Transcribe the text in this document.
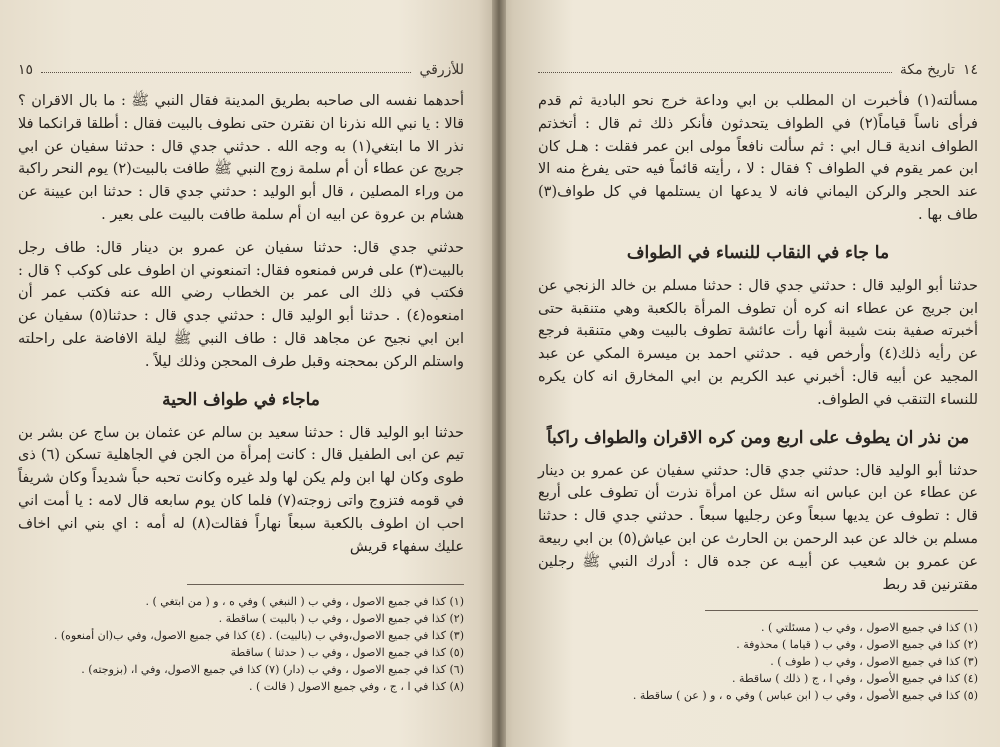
للأزرقي
١٥

أحدهما نفسه الى صاحبه بطريق المدينة فقال النبي ﷺ : ما بال الاقران ؟ قالا : يا نبي الله نذرنا ان نقترن حتى نطوف بالبيت فقال : أطلقا قرانكما فلا نذر الا ما ابتغي(١) به وجه الله . حدثني جدي قال : حدثنا سفيان عن ابي جريج عن عطاء أن أم سلمة زوج النبي ﷺ طافت بالبيت(٢) يوم النحر راكبة من وراء المصلين ، قال أبو الوليد : حدثني جدي قال : حدثنا ابن عيينة عن هشام بن عروة عن ابيه ان أم سلمة طافت بالبيت على بعير .

حدثني جدي قال: حدثنا سفيان عن عمرو بن دينار قال: طاف رجل بالبيت(٣) على فرس فمنعوه فقال: اتمنعوني ان اطوف على كوكب ؟ قال : فكتب في ذلك الى عمر بن الخطاب رضي الله عنه فكتب عمر أن امنعوه(٤) . حدثنا أبو الوليد قال : حدثني جدي قال : حدثنا(٥) سفيان عن ابن ابي نجيح عن مجاهد قال : طاف النبي ﷺ ليلة الافاضة على راحلته واستلم الركن بمحجنه وقبل طرف المحجن وذلك ليلاً .

ماجاء في طواف الحية

حدثنا ابو الوليد قال : حدثنا سعيد بن سالم عن عثمان بن ساج عن بشر بن تيم عن ابى الطفيل قال : كانت إمرأة من الجن في الجاهلية تسكن (٦) ذى طوى وكان لها ابن ولم يكن لها ولد غيره وكانت تحبه حباً شديداً وكان شريفاً في قومه فتزوج واتى زوجته(٧) فلما كان يوم سابعه قال لامه : يا أمت اني احب ان اطوف بالكعبة سبعاً نهاراً فقالت(٨) له أمه : اي بني اني اخاف عليك سفهاء قريش

(١) كذا في جميع الاصول ، وفي ب ( النبغي ) وفي ه ، و ( من ابتغي ) .
(٢) كذا في جميع الاصول ، وفي ب ( بالبيت ) ساقطة .
(٣) كذا في جميع الاصول،وفي ب (بالبيت) . (٤) كذا في جميع الاصول، وفي ب(ان أمنعوه) .
(٥) كذا في جميع الاصول ، وفي ب ( حدثنا ) ساقطة
(٦) كذا في جميع الاصول ، وفي ب (دار) (٧) كذا في جميع الاصول، وفي ا، (بزوجته) .
(٨) كذا في ا ، ج ، وفي جميع الاصول ( قالت ) .
١٤
تاريخ مكة

مسألته(١) فأخبرت ان المطلب بن ابي وداعة خرج نحو البادية ثم قدم فرأى ناساً قياماً(٢) في الطواف يتحدثون فأنكر ذلك ثم قال : أتخذتم الطواف اندية قـال ابي : ثم سألت نافعاً مولى ابن عمر فقلت : هـل كان ابن عمر يقوم في الطواف ؟ فقال : لا ، رأيته قائماً فيه حتى يفرغ منه الا عند الحجر والركن اليماني فانه لا يدعها ان يستلمها في كل طواف(٣) طاف بها .

ما جاء في النقاب للنساء في الطواف

حدثنا أبو الوليد قال : حدثني جدي قال : حدثنا مسلم بن خالد الزنجي عن ابن جريج عن عطاء انه كره أن تطوف المرأة بالكعبة وهي متنقبة حتى أخبرته صفية بنت شيبة أنها رأت عائشة تطوف بالبيت وهي متنقبة فرجع عن رأيه ذلك(٤) وأرخص فيه . حدثني احمد بن ميسرة المكي عن عبد المجيد عن أبيه قال: أخبرني عبد الكريم بن ابي المخارق انه كان يكره للنساء التنقب في الطواف.

من نذر ان يطوف على اربع ومن كره الاقران والطواف راكباً

حدثنا أبو الوليد قال: حدثني جدي قال: حدثني سفيان عن عمرو بن دينار عن عطاء عن ابن عباس انه سئل عن امرأة نذرت أن تطوف على أربع قال : تطوف عن يديها سبعاً وعن رجليها سبعاً . حدثني جدي قال : حدثنا مسلم بن خالد عن عبد الرحمن بن الحارث عن ابن عياش(٥) بن ابي ربيعة عن عمرو بن شعيب عن أبيـه عن جده قال : أدرك النبي ﷺ رجلين مقترنين قد ربط

(١) كذا في جميع الاصول ، وفي ب ( مسئلتي ) .
(٢) كذا في جميع الاصول ، وفي ب ( قياما ) محذوفة .
(٣) كذا في جميع الاصول ، وفي ب ( طوف ) .
(٤) كذا في جميع الأصول ، وفي ا ، ج ( ذلك ) ساقطة .
(٥) كذا في جميع الأصول ، وفي ب ( ابن عباس ) وفي ه ، و ( عن ) ساقطة .
